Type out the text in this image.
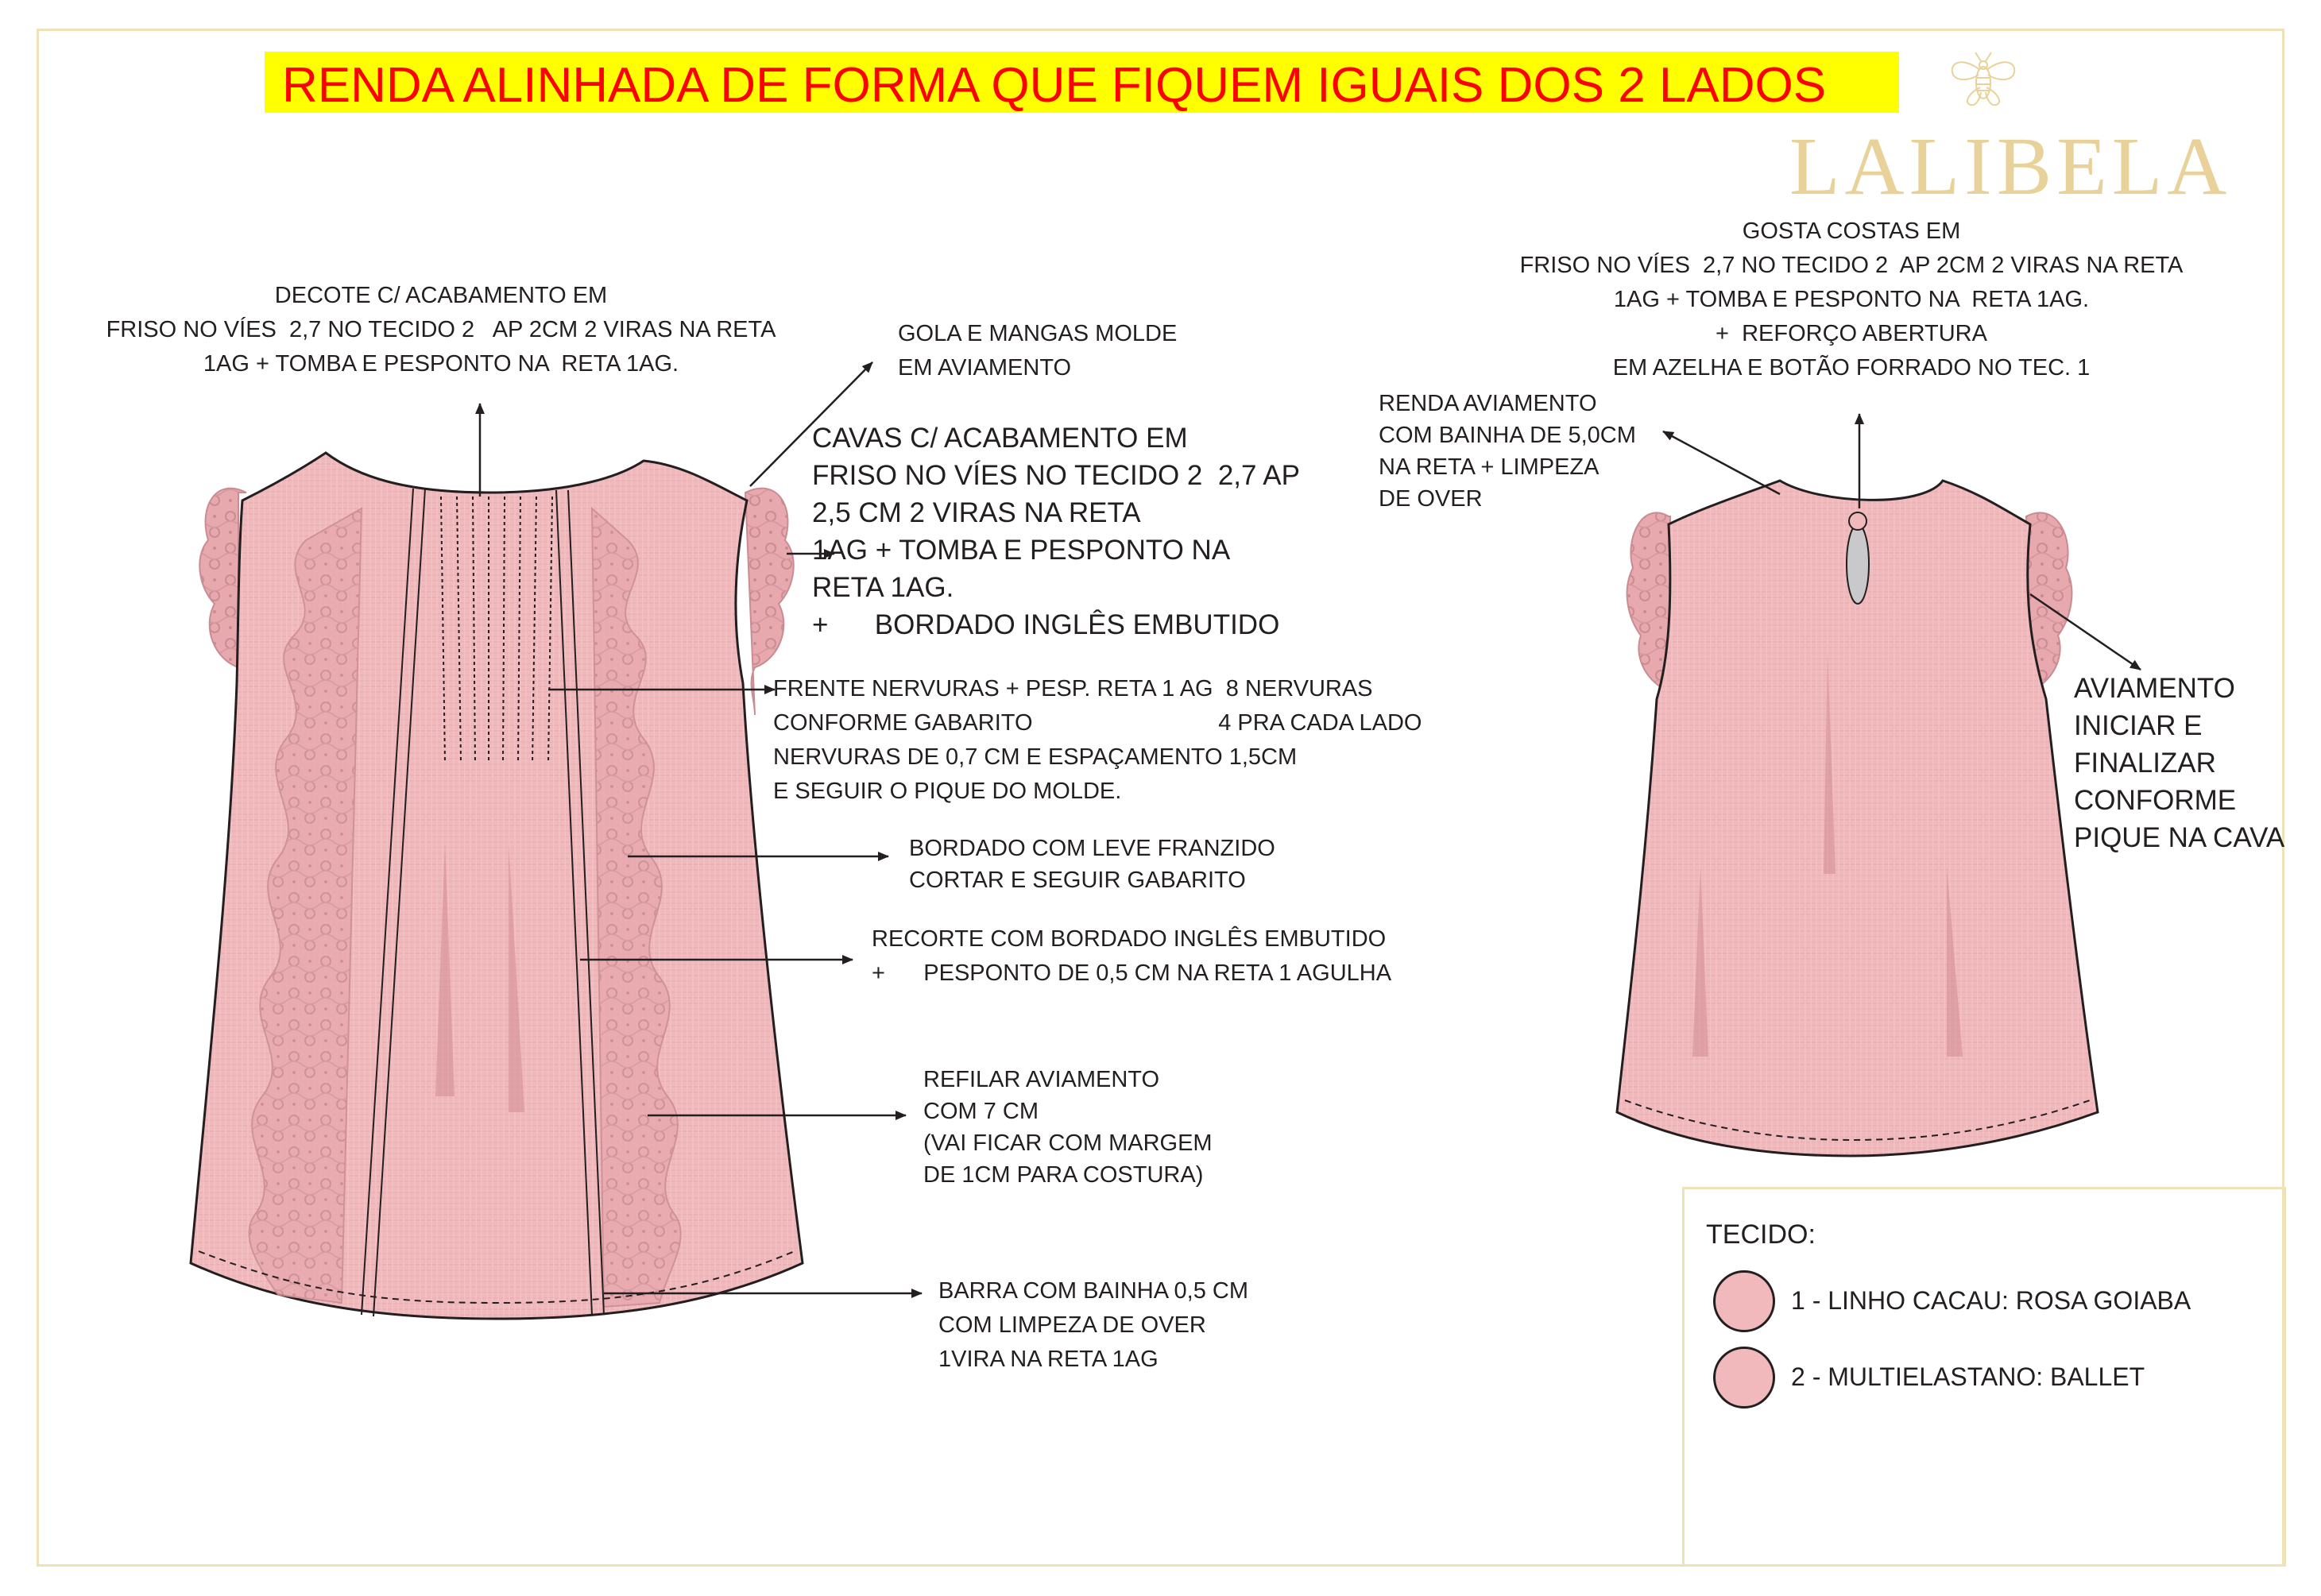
RENDA ALINHADA DE FORMA QUE FIQUEM IGUAIS DOS 2 LADOS
LALIBELA
DECOTE C/ ACABAMENTO EM
FRISO NO VÍES  2,7 NO TECIDO 2   AP 2CM 2 VIRAS NA RETA
1AG + TOMBA E PESPONTO NA  RETA 1AG.
GOLA E MANGAS MOLDE
EM AVIAMENTO
CAVAS C/ ACABAMENTO EM
FRISO NO VÍES NO TECIDO 2  2,7 AP
2,5 CM 2 VIRAS NA RETA
1AG + TOMBA E PESPONTO NA
RETA 1AG.
+      BORDADO INGLÊS EMBUTIDO
FRENTE NERVURAS + PESP. RETA 1 AG  8 NERVURAS
CONFORME GABARITO                             4 PRA CADA LADO
NERVURAS DE 0,7 CM E ESPAÇAMENTO 1,5CM
E SEGUIR O PIQUE DO MOLDE.
BORDADO COM LEVE FRANZIDO
CORTAR E SEGUIR GABARITO
RECORTE COM BORDADO INGLÊS EMBUTIDO
+      PESPONTO DE 0,5 CM NA RETA 1 AGULHA
REFILAR AVIAMENTO
COM 7 CM
(VAI FICAR COM MARGEM
DE 1CM PARA COSTURA)
BARRA COM BAINHA 0,5 CM
COM LIMPEZA DE OVER
1VIRA NA RETA 1AG
GOSTA COSTAS EM
FRISO NO VÍES  2,7 NO TECIDO 2  AP 2CM 2 VIRAS NA RETA
1AG + TOMBA E PESPONTO NA  RETA 1AG.
+  REFORÇO ABERTURA
EM AZELHA E BOTÃO FORRADO NO TEC. 1
RENDA AVIAMENTO
COM BAINHA DE 5,0CM
NA RETA + LIMPEZA
DE OVER
AVIAMENTO
INICIAR E
FINALIZAR
CONFORME
PIQUE NA CAVA
TECIDO:
1 - LINHO CACAU: ROSA GOIABA
2 - MULTIELASTANO: BALLET
